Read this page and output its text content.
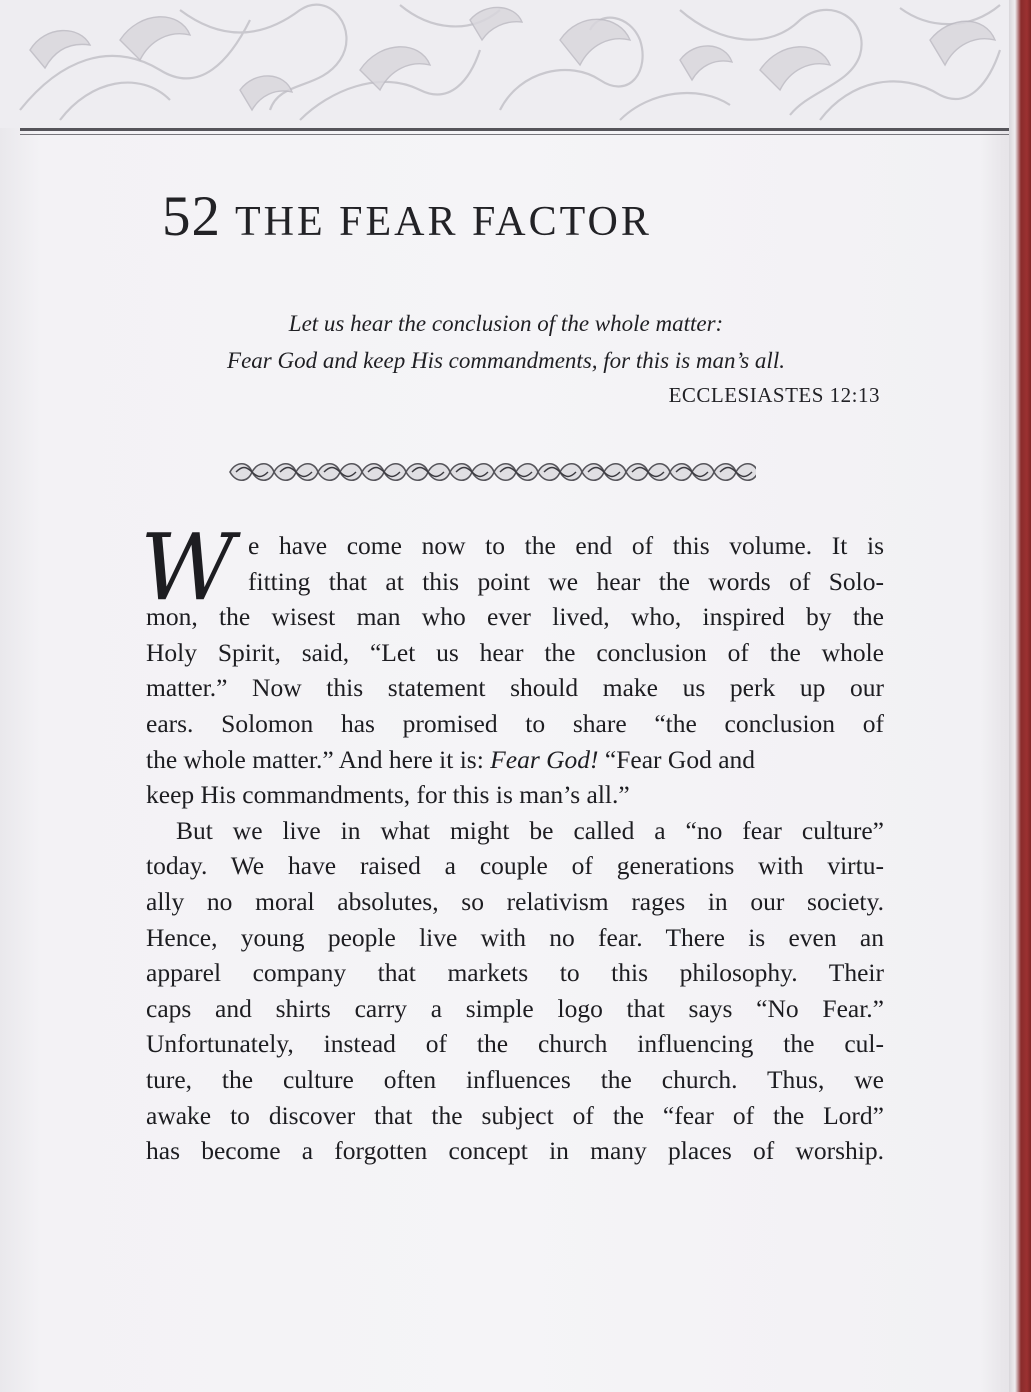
52 THE FEAR FACTOR

Let us hear the conclusion of the whole matter:

Fear God and keep His commandments, for this is man’s all.

ECCLESIASTES 12:13
W e have come now to the end of this volume. It is
fitting that at this point we hear the words of Solo-
mon, the wisest man who ever lived, who, inspired by the
Holy Spirit, said, “Let us hear the conclusion of the whole
matter.” Now this statement should make us perk up our
ears. Solomon has promised to share “the conclusion of
the whole matter.” And here it is: Fear God! “Fear God and
keep His commandments, for this is man’s all.”
But we live in what might be called a “no fear culture”
today. We have raised a couple of generations with virtu-
ally no moral absolutes, so relativism rages in our society.
Hence, young people live with no fear. There is even an
apparel company that markets to this philosophy. Their
caps and shirts carry a simple logo that says “No Fear.”
Unfortunately, instead of the church influencing the cul-
ture, the culture often influences the church. Thus, we
awake to discover that the subject of the “fear of the Lord”
has become a forgotten concept in many places of worship.
